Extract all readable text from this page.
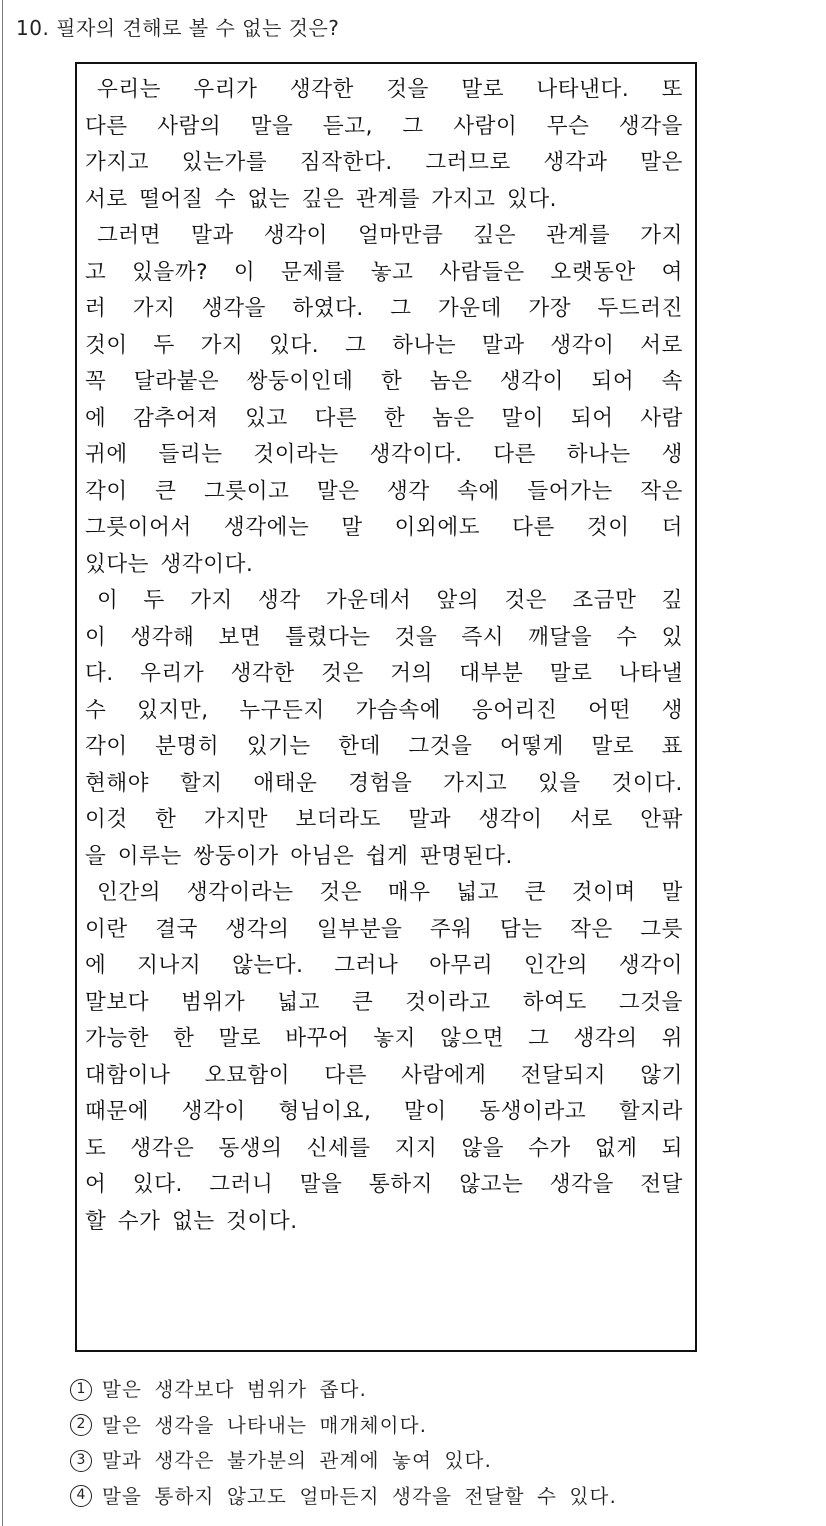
10. 필자의 견해로 볼 수 없는 것은?
우리는 우리가 생각한 것을 말로 나타낸다. 또
다른 사람의 말을 듣고, 그 사람이 무슨 생각을
가지고 있는가를 짐작한다. 그러므로 생각과 말은
서로 떨어질 수 없는 깊은 관계를 가지고 있다.
그러면 말과 생각이 얼마만큼 깊은 관계를 가지
고 있을까? 이 문제를 놓고 사람들은 오랫동안 여
러 가지 생각을 하였다. 그 가운데 가장 두드러진
것이 두 가지 있다. 그 하나는 말과 생각이 서로
꼭 달라붙은 쌍둥이인데 한 놈은 생각이 되어 속
에 감추어져 있고 다른 한 놈은 말이 되어 사람
귀에 들리는 것이라는 생각이다. 다른 하나는 생
각이 큰 그릇이고 말은 생각 속에 들어가는 작은
그릇이어서 생각에는 말 이외에도 다른 것이 더
있다는 생각이다.
이 두 가지 생각 가운데서 앞의 것은 조금만 깊
이 생각해 보면 틀렸다는 것을 즉시 깨달을 수 있
다. 우리가 생각한 것은 거의 대부분 말로 나타낼
수 있지만, 누구든지 가슴속에 응어리진 어떤 생
각이 분명히 있기는 한데 그것을 어떻게 말로 표
현해야 할지 애태운 경험을 가지고 있을 것이다.
이것 한 가지만 보더라도 말과 생각이 서로 안팎
을 이루는 쌍둥이가 아님은 쉽게 판명된다.
인간의 생각이라는 것은 매우 넓고 큰 것이며 말
이란 결국 생각의 일부분을 주워 담는 작은 그릇
에 지나지 않는다. 그러나 아무리 인간의 생각이
말보다 범위가 넓고 큰 것이라고 하여도 그것을
가능한 한 말로 바꾸어 놓지 않으면 그 생각의 위
대함이나 오묘함이 다른 사람에게 전달되지 않기
때문에 생각이 형님이요, 말이 동생이라고 할지라
도 생각은 동생의 신세를 지지 않을 수가 없게 되
어 있다. 그러니 말을 통하지 않고는 생각을 전달
할 수가 없는 것이다.
1 말은 생각보다 범위가 좁다.
2 말은 생각을 나타내는 매개체이다.
3 말과 생각은 불가분의 관계에 놓여 있다.
4 말을 통하지 않고도 얼마든지 생각을 전달할 수 있다.
